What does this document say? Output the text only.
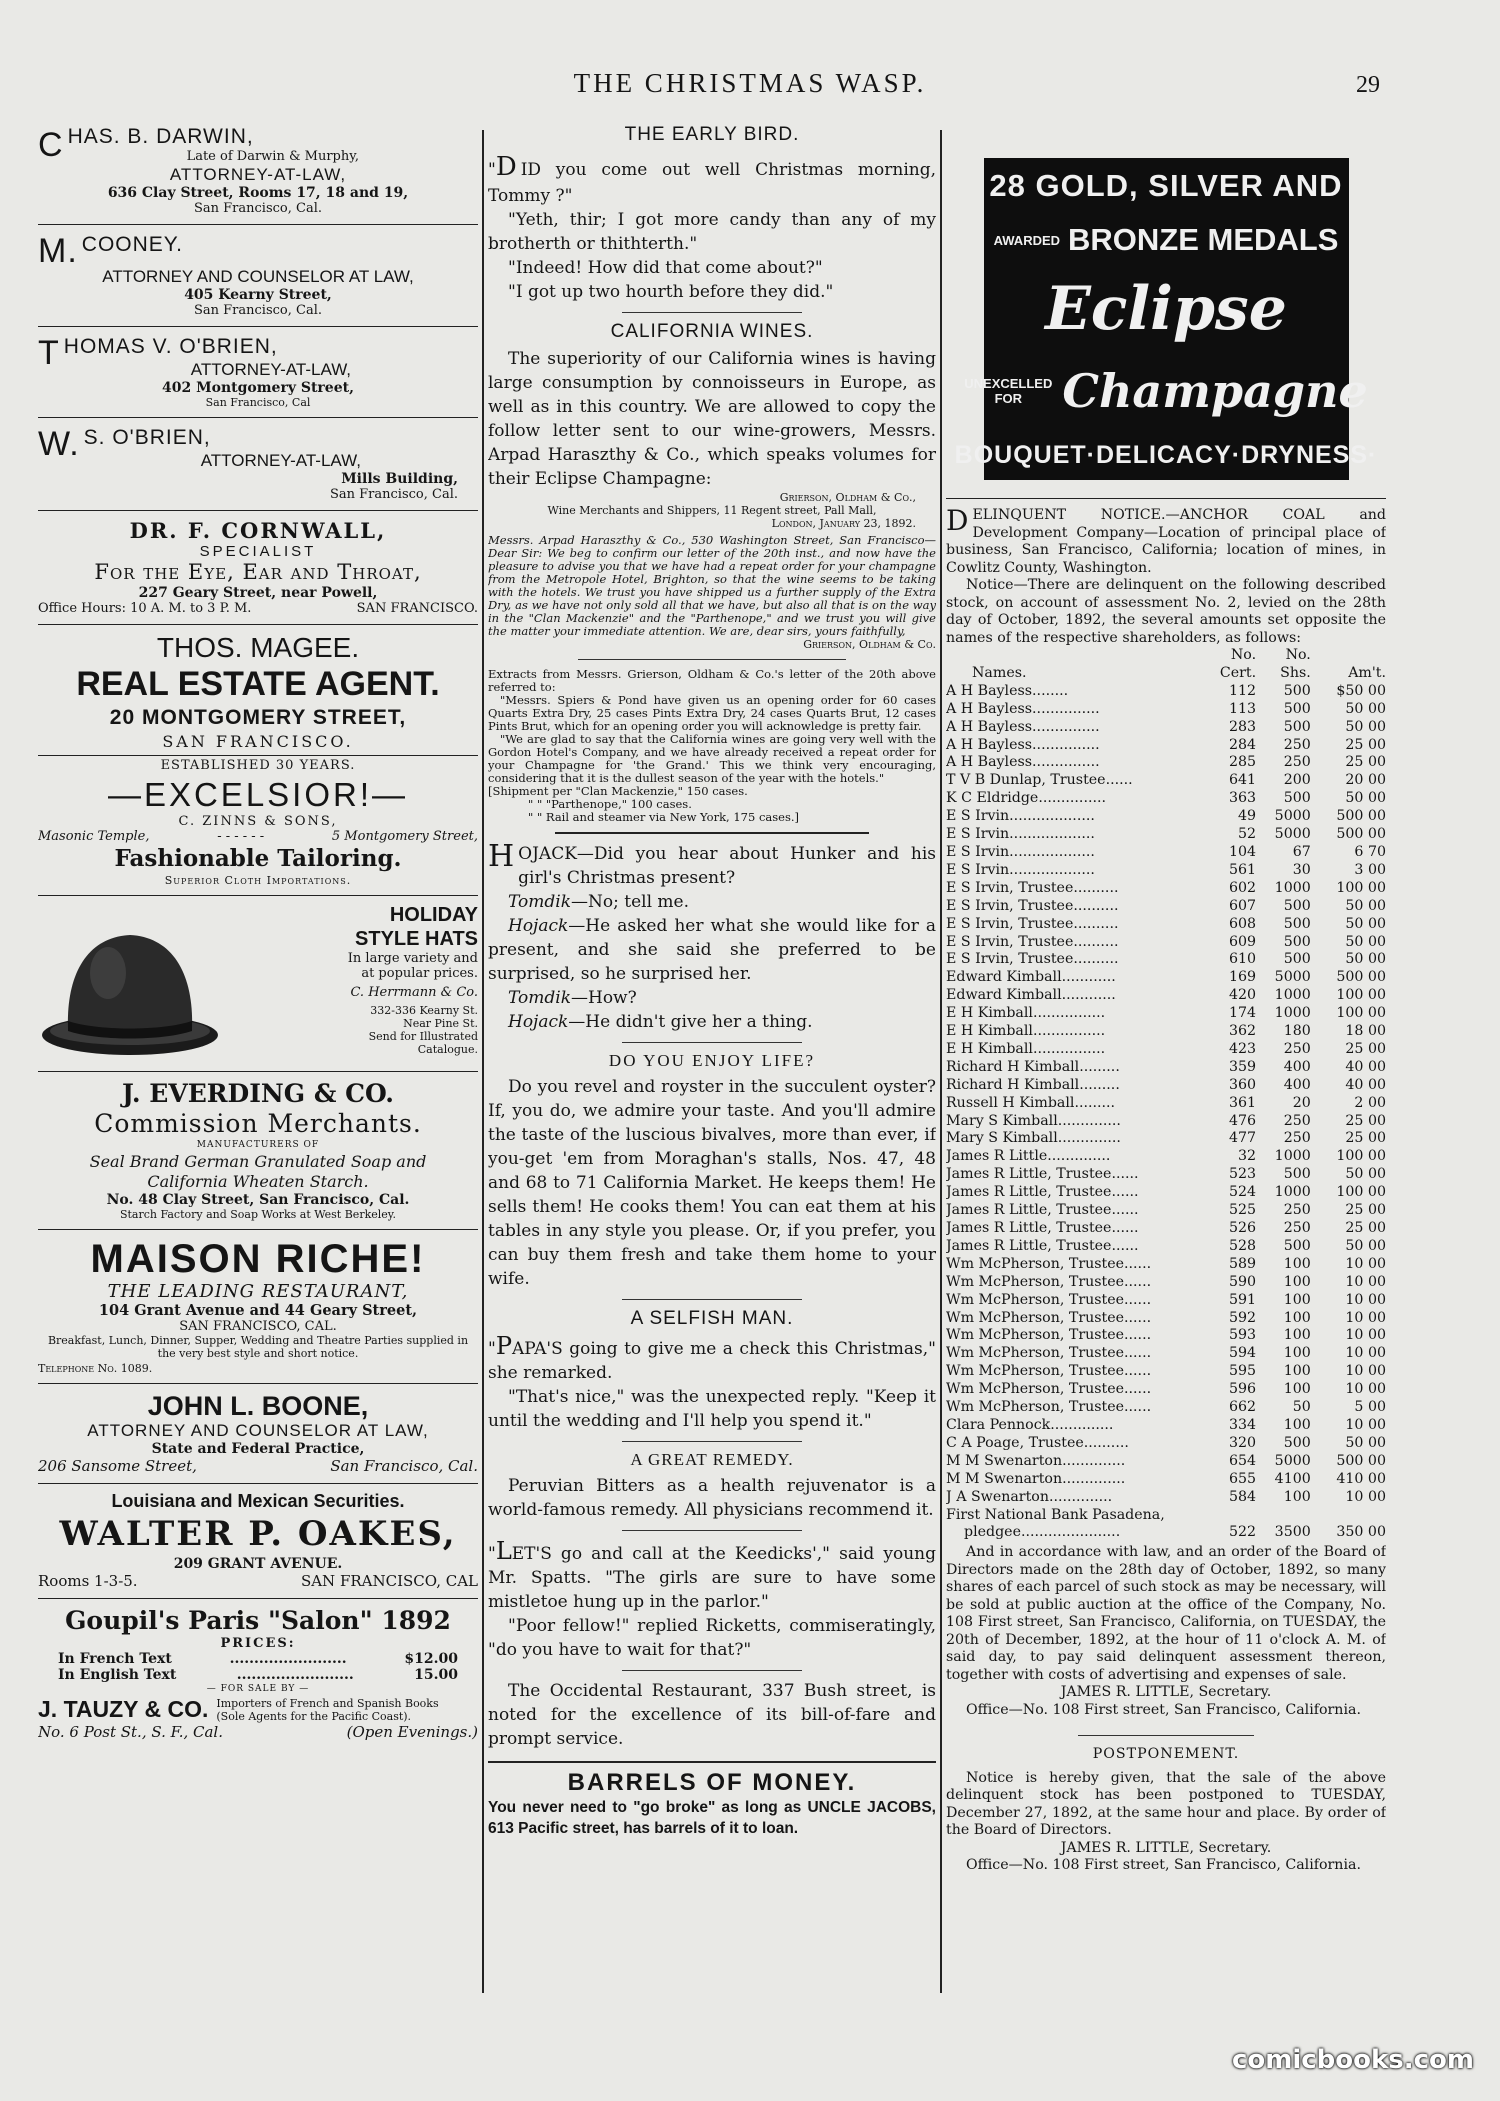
THE CHRISTMAS WASP.	29
CHAS. B. DARWIN,
Late of Darwin & Murphy,
ATTORNEY-AT-LAW,
636 Clay Street, Rooms 17, 18 and 19,
San Francisco, Cal.
M. COONEY.
ATTORNEY AND COUNSELOR AT LAW,
405 Kearny Street,
San Francisco, Cal.
THOMAS V. O'BRIEN,
ATTORNEY-AT-LAW,
402 Montgomery Street,
San Francisco, Cal
W. S. O'BRIEN,
ATTORNEY-AT-LAW,
Mills Building,
San Francisco, Cal.
DR. F. CORNWALL,
SPECIALIST
For the Eye, Ear and Throat,
227 Geary Street, near Powell,
Office Hours: 10 A. M. to 3 P. M.	SAN FRANCISCO.
THOS. MAGEE.
REAL ESTATE AGENT.
20 MONTGOMERY STREET,
SAN FRANCISCO.
ESTABLISHED 30 YEARS.
—EXCELSIOR!—
C. ZINNS & SONS,
Masonic Temple,	- - - - - -	5 Montgomery Street,
Fashionable Tailoring.
Superior Cloth Importations.
HOLIDAY
STYLE HATS
In large variety and
at popular prices.
C. Herrmann & Co.
332-336 Kearny St.
Near Pine St.
Send for Illustrated
Catalogue.
J. EVERDING & CO.
Commission Merchants.
MANUFACTURERS OF
Seal Brand German Granulated Soap and
California Wheaten Starch.
No. 48 Clay Street, San Francisco, Cal.
Starch Factory and Soap Works at West Berkeley.
MAISON RICHE!
THE LEADING RESTAURANT,
104 Grant Avenue and 44 Geary Street,
SAN FRANCISCO, CAL.
Breakfast, Lunch, Dinner, Supper, Wedding and Theatre Parties supplied in the very best style and short notice.
Telephone No. 1089.
JOHN L. BOONE,
ATTORNEY AND COUNSELOR AT LAW,
State and Federal Practice,
206 Sansome Street,	San Francisco, Cal.
Louisiana and Mexican Securities.
WALTER P. OAKES,
209 GRANT AVENUE.
Rooms 1-3-5.	SAN FRANCISCO, CAL
Goupil's Paris "Salon" 1892
PRICES:
In French Text	........................	$12.00
In English Text	........................	15.00
— FOR SALE BY —
J. TAUZY & CO. Importers of French and Spanish Books
(Sole Agents for the Pacific Coast).
No. 6 Post St., S. F., Cal.	(Open Evenings.)
THE EARLY BIRD.

"D ID you come out well Christmas morning, Tommy ?"

"Yeth, thir; I got more candy than any of my brotherth or thithterth."

"Indeed! How did that come about?"

"I got up two hourth before they did."

CALIFORNIA WINES.

The superiority of our California wines is having large consumption by connoisseurs in Europe, as well as in this country. We are allowed to copy the follow letter sent to our wine-growers, Messrs. Arpad Haraszthy & Co., which speaks volumes for their Eclipse Champagne:

Grierson, Oldham & Co.,
Wine Merchants and Shippers, 11 Regent street, Pall Mall,
London, January 23, 1892.
Messrs. Arpad Haraszthy & Co., 530 Washington Street, San Francisco—Dear Sir: We beg to confirm our letter of the 20th inst., and now have the pleasure to advise you that we have had a repeat order for your champagne from the Metropole Hotel, Brighton, so that the wine seems to be taking with the hotels. We trust you have shipped us a further supply of the Extra Dry, as we have not only sold all that we have, but also all that is on the way in the "Clan Mackenzie" and the "Parthenope," and we trust you will give the matter your immediate attention. We are, dear sirs, yours faithfully,
Grierson, Oldham & Co.
Extracts from Messrs. Grierson, Oldham & Co.'s letter of the 20th above referred to:
"Messrs. Spiers & Pond have given us an opening order for 60 cases Quarts Extra Dry, 25 cases Pints Extra Dry, 24 cases Quarts Brut, 12 cases Pints Brut, which for an opening order you will acknowledge is pretty fair.
"We are glad to say that the California wines are going very well with the Gordon Hotel's Company, and we have already received a repeat order for your Champagne for 'the Grand.' This we think very encouraging, considering that it is the dullest season of the year with the hotels."
[Shipment per "Clan Mackenzie," 150 cases.
" " "Parthenope," 100 cases.
" " Rail and steamer via New York, 175 cases.]

HOJACK—Did you hear about Hunker and his girl's Christmas present?

Tomdik—No; tell me.

Hojack—He asked her what she would like for a present, and she said she preferred to be surprised, so he surprised her.

Tomdik—How?

Hojack—He didn't give her a thing.

DO YOU ENJOY LIFE?

Do you revel and royster in the succulent oyster? If, you do, we admire your taste. And you'll admire the taste of the luscious bivalves, more than ever, if you-get 'em from Moraghan's stalls, Nos. 47, 48 and 68 to 71 California Market. He keeps them! He sells them! He cooks them! You can eat them at his tables in any style you please. Or, if you prefer, you can buy them fresh and take them home to your wife.

A SELFISH MAN.

"PAPA'S going to give me a check this Christmas," she remarked.

"That's nice," was the unexpected reply. "Keep it until the wedding and I'll help you spend it."

A GREAT REMEDY.

Peruvian Bitters as a health rejuvenator is a world-famous remedy. All physicians recommend it.

"LET'S go and call at the Keedicks'," said young Mr. Spatts. "The girls are sure to have some mistletoe hung up in the parlor."

"Poor fellow!" replied Ricketts, commiseratingly, "do you have to wait for that?"

The Occidental Restaurant, 337 Bush street, is noted for the excellence of its bill-of-fare and prompt service.

BARRELS OF MONEY.
You never need to "go broke" as long as UNCLE JACOBS, 613 Pacific street, has barrels of it to loan.
28 GOLD, SILVER AND
AWARDED BRONZE MEDALS
Eclipse
UNEXCELLED
FOR Champagne
BOUQUET·DELICACY·DRYNESS·

DELINQUENT NOTICE.—ANCHOR COAL and Development Company—Location of principal place of business, San Francisco, California; location of mines, in Cowlitz County, Washington.

Notice—There are delinquent on the following described stock, on account of assessment No. 2, levied on the 28th day of October, 1892, the several amounts set opposite the names of the respective shareholders, as follows:

	No.	No.	
Names.	Cert.	Shs.	Am't.
A H Bayless........	112	500	$50 00
A H Bayless...............	113	500	50 00
A H Bayless...............	283	500	50 00
A H Bayless...............	284	250	25 00
A H Bayless...............	285	250	25 00
T V B Dunlap, Trustee......	641	200	20 00
K C Eldridge...............	363	500	50 00
E S Irvin...................	49	5000	500 00
E S Irvin...................	52	5000	500 00
E S Irvin...................	104	67	6 70
E S Irvin...................	561	30	3 00
E S Irvin, Trustee..........	602	1000	100 00
E S Irvin, Trustee..........	607	500	50 00
E S Irvin, Trustee..........	608	500	50 00
E S Irvin, Trustee..........	609	500	50 00
E S Irvin, Trustee..........	610	500	50 00
Edward Kimball............	169	5000	500 00
Edward Kimball............	420	1000	100 00
E H Kimball................	174	1000	100 00
E H Kimball................	362	180	18 00
E H Kimball................	423	250	25 00
Richard H Kimball.........	359	400	40 00
Richard H Kimball.........	360	400	40 00
Russell H Kimball.........	361	20	2 00
Mary S Kimball..............	476	250	25 00
Mary S Kimball..............	477	250	25 00
James R Little..............	32	1000	100 00
James R Little, Trustee......	523	500	50 00
James R Little, Trustee......	524	1000	100 00
James R Little, Trustee......	525	250	25 00
James R Little, Trustee......	526	250	25 00
James R Little, Trustee......	528	500	50 00
Wm McPherson, Trustee......	589	100	10 00
Wm McPherson, Trustee......	590	100	10 00
Wm McPherson, Trustee......	591	100	10 00
Wm McPherson, Trustee......	592	100	10 00
Wm McPherson, Trustee......	593	100	10 00
Wm McPherson, Trustee......	594	100	10 00
Wm McPherson, Trustee......	595	100	10 00
Wm McPherson, Trustee......	596	100	10 00
Wm McPherson, Trustee......	662	50	5 00
Clara Pennock..............	334	100	10 00
C A Poage, Trustee..........	320	500	50 00
M M Swenarton..............	654	5000	500 00
M M Swenarton..............	655	4100	410 00
J A Swenarton..............	584	100	10 00
First National Bank Pasadena,			
pledgee......................	522	3500	350 00

And in accordance with law, and an order of the Board of Directors made on the 28th day of October, 1892, so many shares of each parcel of such stock as may be necessary, will be sold at public auction at the office of the Company, No. 108 First street, San Francisco, California, on TUESDAY, the 20th of December, 1892, at the hour of 11 o'clock A. M. of said day, to pay said delinquent assessment thereon, together with costs of advertising and expenses of sale.

JAMES R. LITTLE, Secretary.

Office—No. 108 First street, San Francisco, California.

POSTPONEMENT.

Notice is hereby given, that the sale of the above delinquent stock has been postponed to TUESDAY, December 27, 1892, at the same hour and place. By order of the Board of Directors.

JAMES R. LITTLE, Secretary.

Office—No. 108 First street, San Francisco, California.

comicbooks.com
